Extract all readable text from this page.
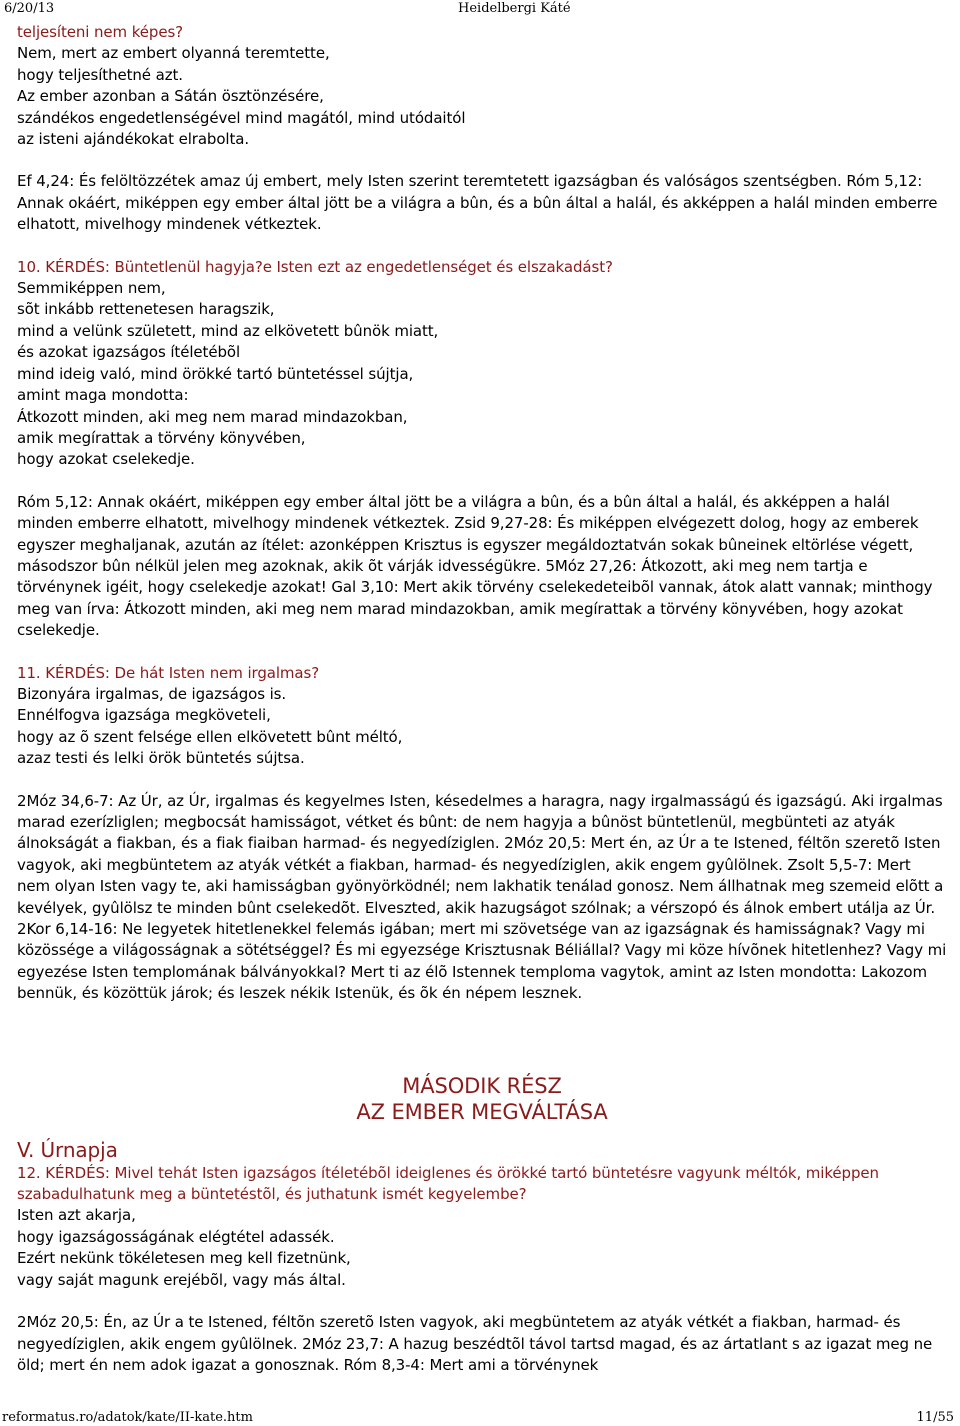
6/20/13	Heidelbergi Káté
teljesíteni nem képes?
Nem, mert az embert olyanná teremtette,
hogy teljesíthetné azt.
Az ember azonban a Sátán ösztönzésére,
szándékos engedetlenségével mind magától, mind utódaitól
az isteni ajándékokat elrabolta.

Ef 4,24: És felöltözzétek amaz új embert, mely Isten szerint teremtetett igazságban és valóságos szentségben. Róm 5,12: Annak okáért, miképpen egy ember által jött be a világra a bûn, és a bûn által a halál, és akképpen a halál minden emberre elhatott, mivelhogy mindenek vétkeztek.

10. KÉRDÉS: Büntetlenül hagyja?e Isten ezt az engedetlenséget és elszakadást?
Semmiképpen nem,
sõt inkább rettenetesen haragszik,
mind a velünk született, mind az elkövetett bûnök miatt,
és azokat igazságos ítéletébõl
mind ideig való, mind örökké tartó büntetéssel sújtja,
amint maga mondotta:
Átkozott minden, aki meg nem marad mindazokban,
amik megírattak a törvény könyvében,
hogy azokat cselekedje.

Róm 5,12: Annak okáért, miképpen egy ember által jött be a világra a bûn, és a bûn által a halál, és akképpen a halál minden emberre elhatott, mivelhogy mindenek vétkeztek. Zsid 9,27-28: És miképpen elvégezett dolog, hogy az emberek egyszer meghaljanak, azután az ítélet: azonképpen Krisztus is egyszer megáldoztatván sokak bûneinek eltörlése végett, másodszor bûn nélkül jelen meg azoknak, akik õt várják idvességükre. 5Móz 27,26: Átkozott, aki meg nem tartja e törvénynek igéit, hogy cselekedje azokat! Gal 3,10: Mert akik törvény cselekedeteibõl vannak, átok alatt vannak; minthogy meg van írva: Átkozott minden, aki meg nem marad mindazokban, amik megírattak a törvény könyvében, hogy azokat cselekedje.

11. KÉRDÉS: De hát Isten nem irgalmas?
Bizonyára irgalmas, de igazságos is.
Ennélfogva igazsága megköveteli,
hogy az õ szent felsége ellen elkövetett bûnt méltó,
azaz testi és lelki örök büntetés sújtsa.

2Móz 34,6-7: Az Úr, az Úr, irgalmas és kegyelmes Isten, késedelmes a haragra, nagy irgalmasságú és igazságú. Aki irgalmas marad ezerízliglen; megbocsát hamisságot, vétket és bûnt: de nem hagyja a bûnöst büntetlenül, megbünteti az atyák álnokságát a fiakban, és a fiak fiaiban harmad- és negyedíziglen. 2Móz 20,5: Mert én, az Úr a te Istened, féltõn szeretõ Isten vagyok, aki megbüntetem az atyák vétkét a fiakban, harmad- és negyedíziglen, akik engem gyûlölnek. Zsolt 5,5-7: Mert nem olyan Isten vagy te, aki hamisságban gyönyörködnél; nem lakhatik tenálad gonosz. Nem állhatnak meg szemeid elõtt a kevélyek, gyûlölsz te minden bûnt cselekedõt. Elveszted, akik hazugságot szólnak; a vérszopó és álnok embert utálja az Úr. 2Kor 6,14-16: Ne legyetek hitetlenekkel felemás igában; mert mi szövetsége van az igazságnak és hamisságnak? Vagy mi közössége a világosságnak a sötétséggel? És mi egyezsége Krisztusnak Béliállal? Vagy mi köze hívõnek hitetlenhez? Vagy mi egyezése Isten templomának bálványokkal? Mert ti az élõ Istennek temploma vagytok, amint az Isten mondotta: Lakozom bennük, és közöttük járok; és leszek nékik Istenük, és õk én népem lesznek.

MÁSODIK RÉSZ
AZ EMBER MEGVÁLTÁSA

V. Úrnapja

12. KÉRDÉS: Mivel tehát Isten igazságos ítéletébõl ideiglenes és örökké tartó büntetésre vagyunk méltók, miképpen szabadulhatunk meg a büntetéstõl, és juthatunk ismét kegyelembe?
Isten azt akarja,
hogy igazságosságának elégtétel adassék.
Ezért nekünk tökéletesen meg kell fizetnünk,
vagy saját magunk erejébõl, vagy más által.

2Móz 20,5: Én, az Úr a te Istened, féltõn szeretõ Isten vagyok, aki megbüntetem az atyák vétkét a fiakban, harmad- és negyedíziglen, akik engem gyûlölnek. 2Móz 23,7: A hazug beszédtõl távol tartsd magad, és az ártatlant s az igazat meg ne öld; mert én nem adok igazat a gonosznak. Róm 8,3-4: Mert ami a törvénynek

reformatus.ro/adatok/kate/II-kate.htm	11/55
